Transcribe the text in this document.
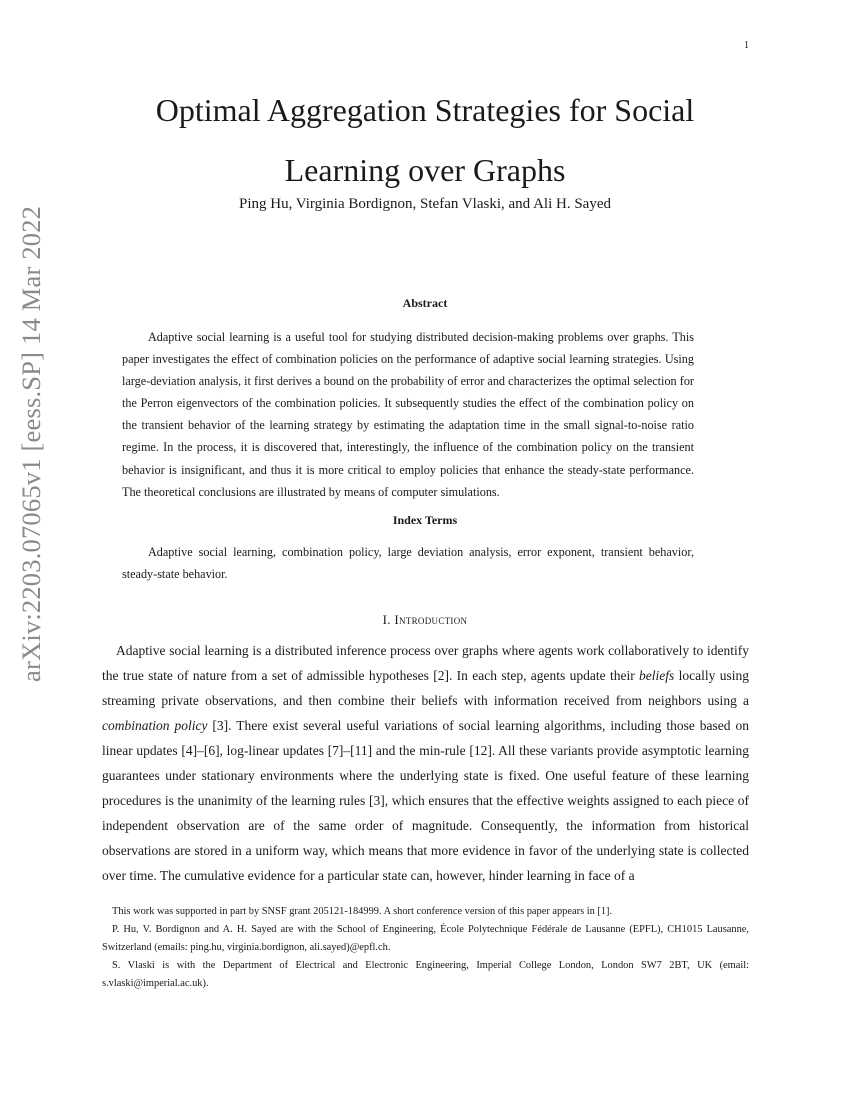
1
arXiv:2203.07065v1 [eess.SP] 14 Mar 2022
Optimal Aggregation Strategies for Social
Learning over Graphs
Ping Hu, Virginia Bordignon, Stefan Vlaski, and Ali H. Sayed
Abstract

Adaptive social learning is a useful tool for studying distributed decision-making problems over graphs. This paper investigates the effect of combination policies on the performance of adaptive social learning strategies. Using large-deviation analysis, it first derives a bound on the probability of error and characterizes the optimal selection for the Perron eigenvectors of the combination policies. It subsequently studies the effect of the combination policy on the transient behavior of the learning strategy by estimating the adaptation time in the small signal-to-noise ratio regime. In the process, it is discovered that, interestingly, the influence of the combination policy on the transient behavior is insignificant, and thus it is more critical to employ policies that enhance the steady-state performance. The theoretical conclusions are illustrated by means of computer simulations.

Index Terms

Adaptive social learning, combination policy, large deviation analysis, error exponent, transient behavior, steady-state behavior.

I. Introduction

Adaptive social learning is a distributed inference process over graphs where agents work collaboratively to identify the true state of nature from a set of admissible hypotheses [2]. In each step, agents update their beliefs locally using streaming private observations, and then combine their beliefs with information received from neighbors using a combination policy [3]. There exist several useful variations of social learning algorithms, including those based on linear updates [4]–[6], log-linear updates [7]–[11] and the min-rule [12]. All these variants provide asymptotic learning guarantees under stationary environments where the underlying state is fixed. One useful feature of these learning procedures is the unanimity of the learning rules [3], which ensures that the effective weights assigned to each piece of independent observation are of the same order of magnitude. Consequently, the information from historical observations are stored in a uniform way, which means that more evidence in favor of the underlying state is collected over time. The cumulative evidence for a particular state can, however, hinder learning in face of a

This work was supported in part by SNSF grant 205121-184999. A short conference version of this paper appears in [1].

P. Hu, V. Bordignon and A. H. Sayed are with the School of Engineering, École Polytechnique Fédérale de Lausanne (EPFL), CH1015 Lausanne, Switzerland (emails: ping.hu, virginia.bordignon, ali.sayed)@epfl.ch.

S. Vlaski is with the Department of Electrical and Electronic Engineering, Imperial College London, London SW7 2BT, UK (email: s.vlaski@imperial.ac.uk).
